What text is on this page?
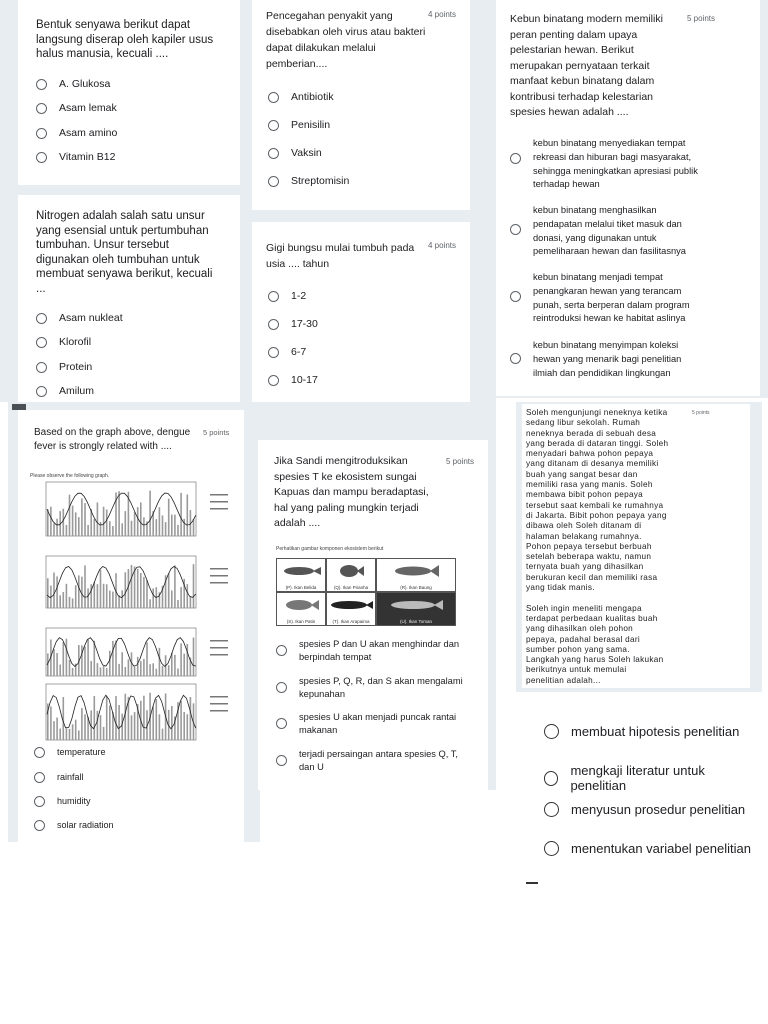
Bentuk senyawa berikut dapat
langsung diserap oleh kapiler usus
halus manusia, kecuali ....
A. Glukosa
Asam lemak
Asam amino
Vitamin B12
Pencegahan penyakit yang
disebabkan oleh virus atau bakteri
dapat dilakukan melalui
pemberian....
4 points
Antibiotik
Penisilin
Vaksin
Streptomisin
Kebun binatang modern memiliki
peran penting dalam upaya
pelestarian hewan. Berikut
merupakan pernyataan terkait
manfaat kebun binatang dalam
kontribusi terhadap kelestarian
spesies hewan adalah ....
5 points
kebun binatang menyediakan tempat
rekreasi dan hiburan bagi masyarakat,
sehingga meningkatkan apresiasi publik
terhadap hewan
kebun binatang menghasilkan
pendapatan melalui tiket masuk dan
donasi, yang digunakan untuk
pemeliharaan hewan dan fasilitasnya
kebun binatang menjadi tempat
penangkaran hewan yang terancam
punah, serta berperan dalam program
reintroduksi hewan ke habitat aslinya
kebun binatang menyimpan koleksi
hewan yang menarik bagi penelitian
ilmiah dan pendidikan lingkungan
Nitrogen adalah salah satu unsur
yang esensial untuk pertumbuhan
tumbuhan. Unsur tersebut
digunakan oleh tumbuhan untuk
membuat senyawa berikut, kecuali
...
Asam nukleat
Klorofil
Protein
Amilum
Gigi bungsu mulai tumbuh pada
usia .... tahun
4 points
1-2
17-30
6-7
10-17
Based on the graph above, dengue
fever is strongly related with ....
5 points
Please observe the following graph.
temperature
rainfall
humidity
solar radiation
Jika Sandi mengitroduksikan
spesies T ke ekosistem sungai
Kapuas dan mampu beradaptasi,
hal yang paling mungkin terjadi
adalah ....
5 points
Perhatikan gambar komponen ekosistem berikut
(P). Ikan Belida	(Q). Ikan Piranha	(R). Ikan Baung
(S). Ikan Patin	(T). Ikan Arapaima	(U). Ikan Toman
spesies P dan U akan menghindar dan
berpindah tempat
spesies P, Q, R, dan S akan mengalami
kepunahan
spesies U akan menjadi puncak rantai
makanan
terjadi persaingan antara spesies Q, T,
dan U
Soleh mengunjungi neneknya ketika
sedang libur sekolah. Rumah
neneknya berada di sebuah desa
yang berada di dataran tinggi. Soleh
menyadari bahwa pohon pepaya
yang ditanam di desanya memiliki
buah yang sangat besar dan
memiliki rasa yang manis. Soleh
membawa bibit pohon pepaya
tersebut saat kembali ke rumahnya
di Jakarta. Bibit pohon pepaya yang
dibawa oleh Soleh ditanam di
halaman belakang rumahnya.
Pohon pepaya tersebut berbuah
setelah beberapa waktu, namun
ternyata buah yang dihasilkan
berukuran kecil dan memiliki rasa
yang tidak manis.

Soleh ingin meneliti mengapa
terdapat perbedaan kualitas buah
yang dihasilkan oleh pohon
pepaya, padahal berasal dari
sumber pohon yang sama.
Langkah yang harus Soleh lakukan
berikutnya untuk memulai
penelitian adalah...
5 points
membuat hipotesis penelitian
mengkaji literatur untuk penelitian
menyusun prosedur penelitian
menentukan variabel penelitian
